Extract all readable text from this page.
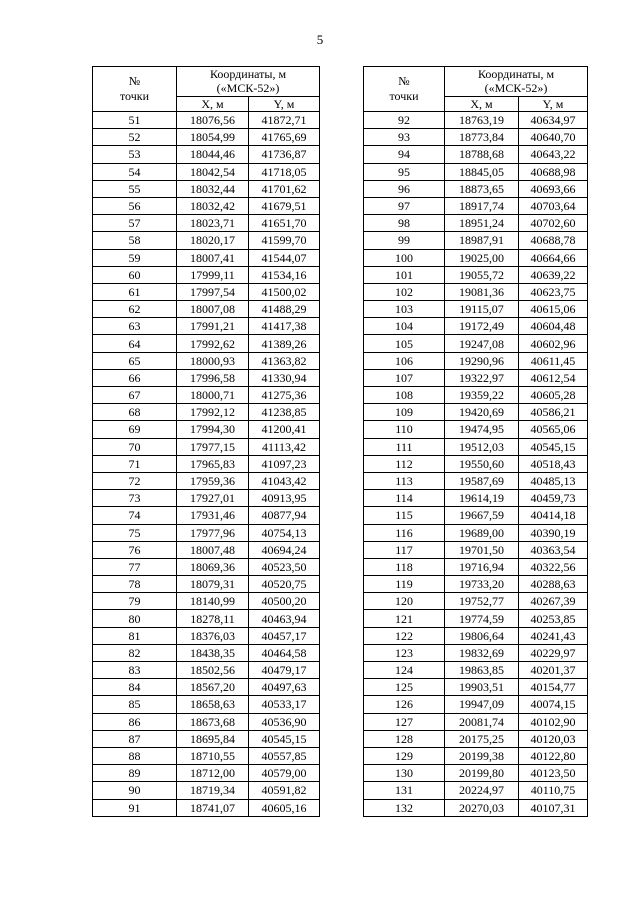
5
№
точки	Координаты, м
(«МСК-52»)	
	X, м	Y, м
51	18076,56	41872,71
52	18054,99	41765,69
53	18044,46	41736,87
54	18042,54	41718,05
55	18032,44	41701,62
56	18032,42	41679,51
57	18023,71	41651,70
58	18020,17	41599,70
59	18007,41	41544,07
60	17999,11	41534,16
61	17997,54	41500,02
62	18007,08	41488,29
63	17991,21	41417,38
64	17992,62	41389,26
65	18000,93	41363,82
66	17996,58	41330,94
67	18000,71	41275,36
68	17992,12	41238,85
69	17994,30	41200,41
70	17977,15	41113,42
71	17965,83	41097,23
72	17959,36	41043,42
73	17927,01	40913,95
74	17931,46	40877,94
75	17977,96	40754,13
76	18007,48	40694,24
77	18069,36	40523,50
78	18079,31	40520,75
79	18140,99	40500,20
80	18278,11	40463,94
81	18376,03	40457,17
82	18438,35	40464,58
83	18502,56	40479,17
84	18567,20	40497,63
85	18658,63	40533,17
86	18673,68	40536,90
87	18695,84	40545,15
88	18710,55	40557,85
89	18712,00	40579,00
90	18719,34	40591,82
91	18741,07	40605,16
№
точки	Координаты, м
(«МСК-52»)	
	X, м	Y, м
92	18763,19	40634,97
93	18773,84	40640,70
94	18788,68	40643,22
95	18845,05	40688,98
96	18873,65	40693,66
97	18917,74	40703,64
98	18951,24	40702,60
99	18987,91	40688,78
100	19025,00	40664,66
101	19055,72	40639,22
102	19081,36	40623,75
103	19115,07	40615,06
104	19172,49	40604,48
105	19247,08	40602,96
106	19290,96	40611,45
107	19322,97	40612,54
108	19359,22	40605,28
109	19420,69	40586,21
110	19474,95	40565,06
111	19512,03	40545,15
112	19550,60	40518,43
113	19587,69	40485,13
114	19614,19	40459,73
115	19667,59	40414,18
116	19689,00	40390,19
117	19701,50	40363,54
118	19716,94	40322,56
119	19733,20	40288,63
120	19752,77	40267,39
121	19774,59	40253,85
122	19806,64	40241,43
123	19832,69	40229,97
124	19863,85	40201,37
125	19903,51	40154,77
126	19947,09	40074,15
127	20081,74	40102,90
128	20175,25	40120,03
129	20199,38	40122,80
130	20199,80	40123,50
131	20224,97	40110,75
132	20270,03	40107,31
